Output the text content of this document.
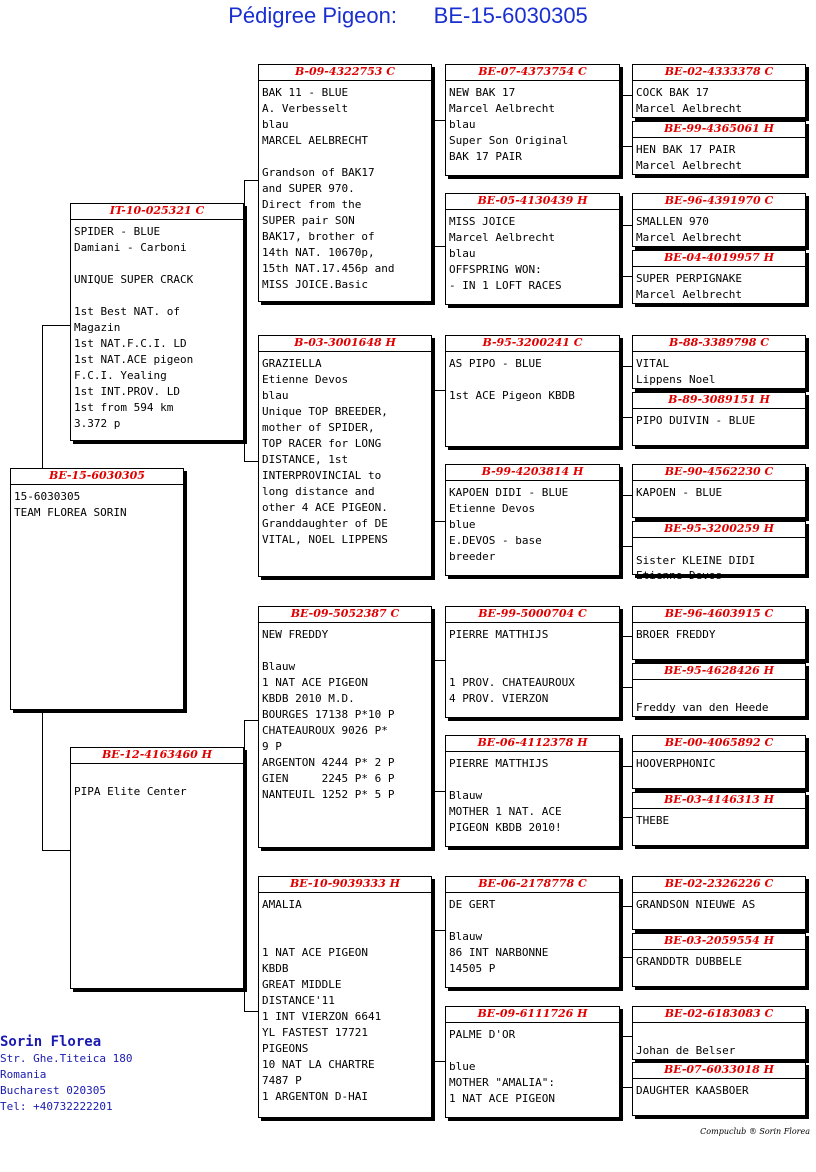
Pédigree Pigeon:      BE-15-6030305
BE-15-6030305
15-6030305
TEAM FLOREA SORIN
IT-10-025321 C
SPIDER - BLUE
Damiani - Carboni

UNIQUE SUPER CRACK

1st Best NAT. of
Magazin
1st NAT.F.C.I. LD
1st NAT.ACE pigeon
F.C.I. Yealing
1st INT.PROV. LD
1st from 594 km
3.372 p
BE-12-4163460 H

PIPA Elite Center
B-09-4322753 C
BAK 11 - BLUE
A. Verbesselt
blau
MARCEL AELBRECHT

Grandson of BAK17
and SUPER 970.
Direct from the
SUPER pair SON
BAK17, brother of
14th NAT. 10670p,
15th NAT.17.456p and
MISS JOICE.Basic
B-03-3001648 H
GRAZIELLA
Etienne Devos
blau
Unique TOP BREEDER,
mother of SPIDER,
TOP RACER for LONG
DISTANCE, 1st
INTERPROVINCIAL to
long distance and
other 4 ACE PIGEON.
Granddaughter of DE
VITAL, NOEL LIPPENS
BE-09-5052387 C
NEW FREDDY

Blauw
1 NAT ACE PIGEON
KBDB 2010 M.D.
BOURGES 17138 P*10 P
CHATEAUROUX 9026 P*
9 P
ARGENTON 4244 P* 2 P
GIEN     2245 P* 6 P
NANTEUIL 1252 P* 5 P
BE-10-9039333 H
AMALIA

1 NAT ACE PIGEON
KBDB
GREAT MIDDLE
DISTANCE'11
1 INT VIERZON 6641
YL FASTEST 17721
PIGEONS
10 NAT LA CHARTRE
7487 P
1 ARGENTON D-HAI
BE-07-4373754 C
NEW BAK 17
Marcel Aelbrecht
blau
Super Son Original
BAK 17 PAIR
BE-05-4130439 H
MISS JOICE
Marcel Aelbrecht
blau
OFFSPRING WON:
- IN 1 LOFT RACES
B-95-3200241 C
AS PIPO - BLUE

1st ACE Pigeon KBDB
B-99-4203814 H
KAPOEN DIDI - BLUE
Etienne Devos
blue
E.DEVOS - base
breeder
BE-99-5000704 C
PIERRE MATTHIJS

1 PROV. CHATEAUROUX
4 PROV. VIERZON
BE-06-4112378 H
PIERRE MATTHIJS

Blauw
MOTHER 1 NAT. ACE
PIGEON KBDB 2010!
BE-06-2178778 C
DE GERT

Blauw
86 INT NARBONNE
14505 P
BE-09-6111726 H
PALME D'OR

blue
MOTHER "AMALIA":
1 NAT ACE PIGEON
BE-02-4333378 C
COCK BAK 17
Marcel Aelbrecht
BE-99-4365061 H
HEN BAK 17 PAIR
Marcel Aelbrecht
BE-96-4391970 C
SMALLEN 970
Marcel Aelbrecht
BE-04-4019957 H
SUPER PERPIGNAKE
Marcel Aelbrecht
B-88-3389798 C
VITAL
Lippens Noel
B-89-3089151 H
PIPO DUIVIN - BLUE
BE-90-4562230 C
KAPOEN - BLUE
BE-95-3200259 H

Sister KLEINE DIDI
Etienne Devos
BE-96-4603915 C
BROER FREDDY
BE-95-4628426 H

Freddy van den Heede
BE-00-4065892 C
HOOVERPHONIC
BE-03-4146313 H
THEBE
BE-02-2326226 C
GRANDSON NIEUWE AS
BE-03-2059554 H
GRANDDTR DUBBELE
BE-02-6183083 C

Johan de Belser
BE-07-6033018 H
DAUGHTER KAASBOER
Sorin Florea
Str. Ghe.Titeica 180
Romania
Bucharest 020305
Tel: +40732222201
Compuclub ® Sorin Florea
